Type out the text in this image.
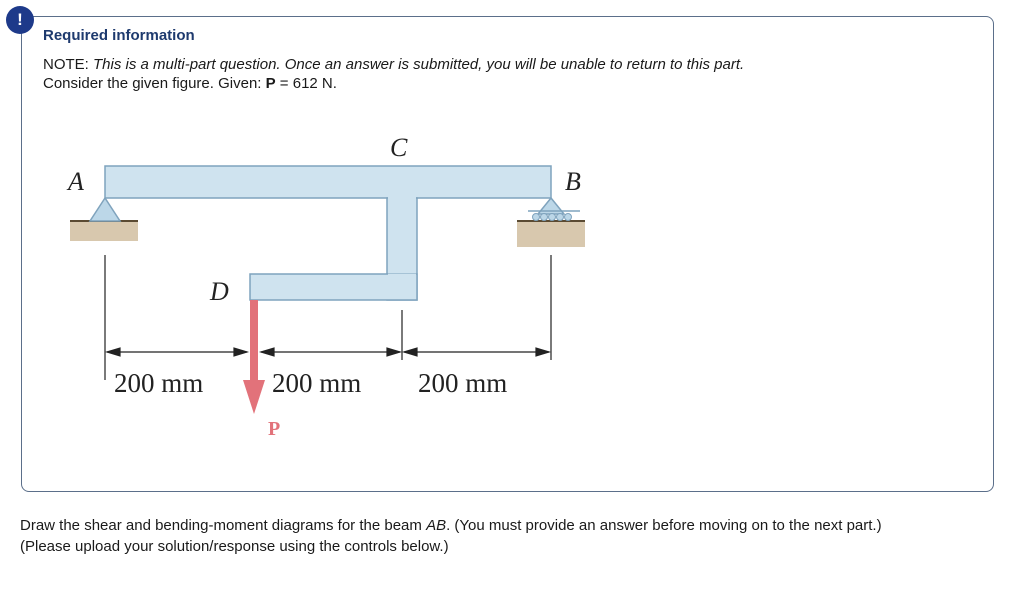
!
Required information
NOTE: This is a multi-part question. Once an answer is submitted, you will be unable to return to this part.
Consider the given figure. Given: P = 612 N.
A	B
C
D
P
200 mm	200 mm 200 mm
Draw the shear and bending-moment diagrams for the beam AB. (You must provide an answer before moving on to the next part.)
(Please upload your solution/response using the controls below.)
